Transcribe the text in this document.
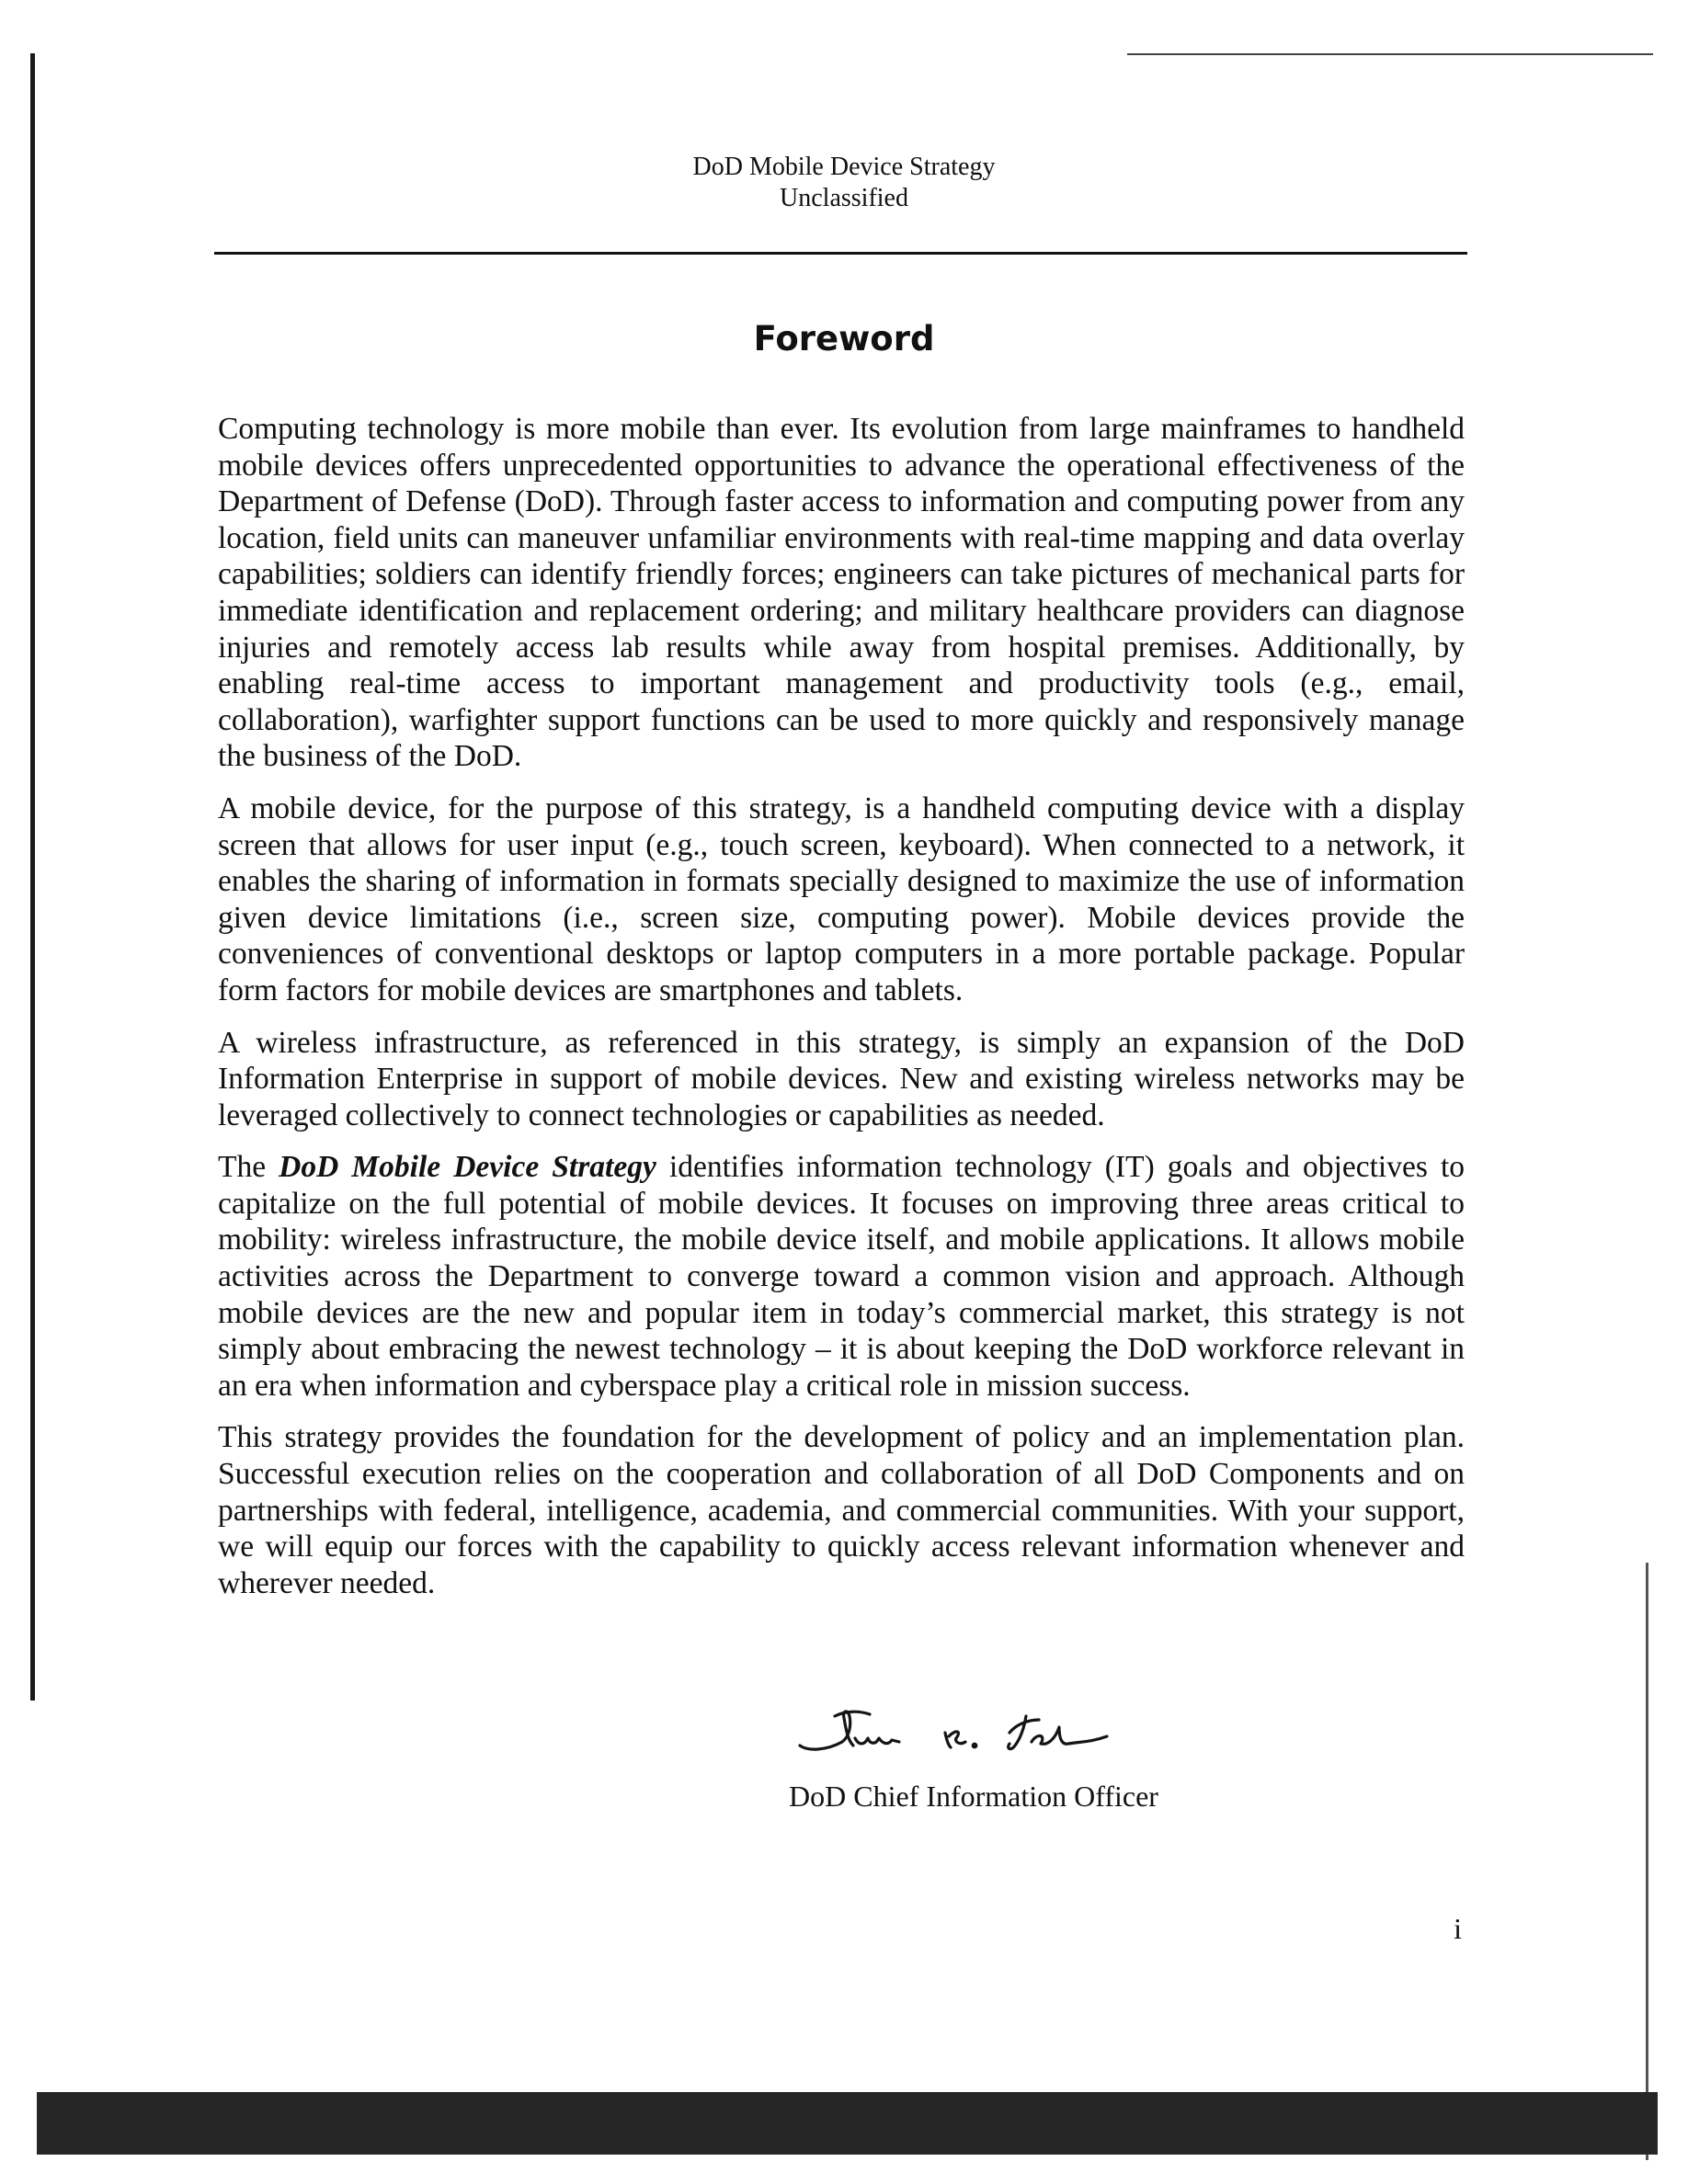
DoD Mobile Device Strategy
Unclassified
Foreword

Computing technology is more mobile than ever. Its evolution from large mainframes to handheld mobile devices offers unprecedented opportunities to advance the operational effectiveness of the Department of Defense (DoD). Through faster access to information and computing power from any location, field units can maneuver unfamiliar environments with real-time mapping and data overlay capabilities; soldiers can identify friendly forces; engineers can take pictures of mechanical parts for immediate identification and replacement ordering; and military healthcare providers can diagnose injuries and remotely access lab results while away from hospital premises. Additionally, by enabling real-time access to important management and productivity tools (e.g., email, collaboration), warfighter support functions can be used to more quickly and responsively manage the business of the DoD.

A mobile device, for the purpose of this strategy, is a handheld computing device with a display screen that allows for user input (e.g., touch screen, keyboard). When connected to a network, it enables the sharing of information in formats specially designed to maximize the use of information given device limitations (i.e., screen size, computing power). Mobile devices provide the conveniences of conventional desktops or laptop computers in a more portable package. Popular form factors for mobile devices are smartphones and tablets.

A wireless infrastructure, as referenced in this strategy, is simply an expansion of the DoD Information Enterprise in support of mobile devices. New and existing wireless networks may be leveraged collectively to connect technologies or capabilities as needed.

The DoD Mobile Device Strategy identifies information technology (IT) goals and objectives to capitalize on the full potential of mobile devices. It focuses on improving three areas critical to mobility: wireless infrastructure, the mobile device itself, and mobile applications. It allows mobile activities across the Department to converge toward a common vision and approach. Although mobile devices are the new and popular item in today’s commercial market, this strategy is not simply about embracing the newest technology – it is about keeping the DoD workforce relevant in an era when information and cyberspace play a critical role in mission success.

This strategy provides the foundation for the development of policy and an implementation plan. Successful execution relies on the cooperation and collaboration of all DoD Components and on partnerships with federal, intelligence, academia, and commercial communities. With your support, we will equip our forces with the capability to quickly access relevant information whenever and wherever needed.

DoD Chief Information Officer
i
